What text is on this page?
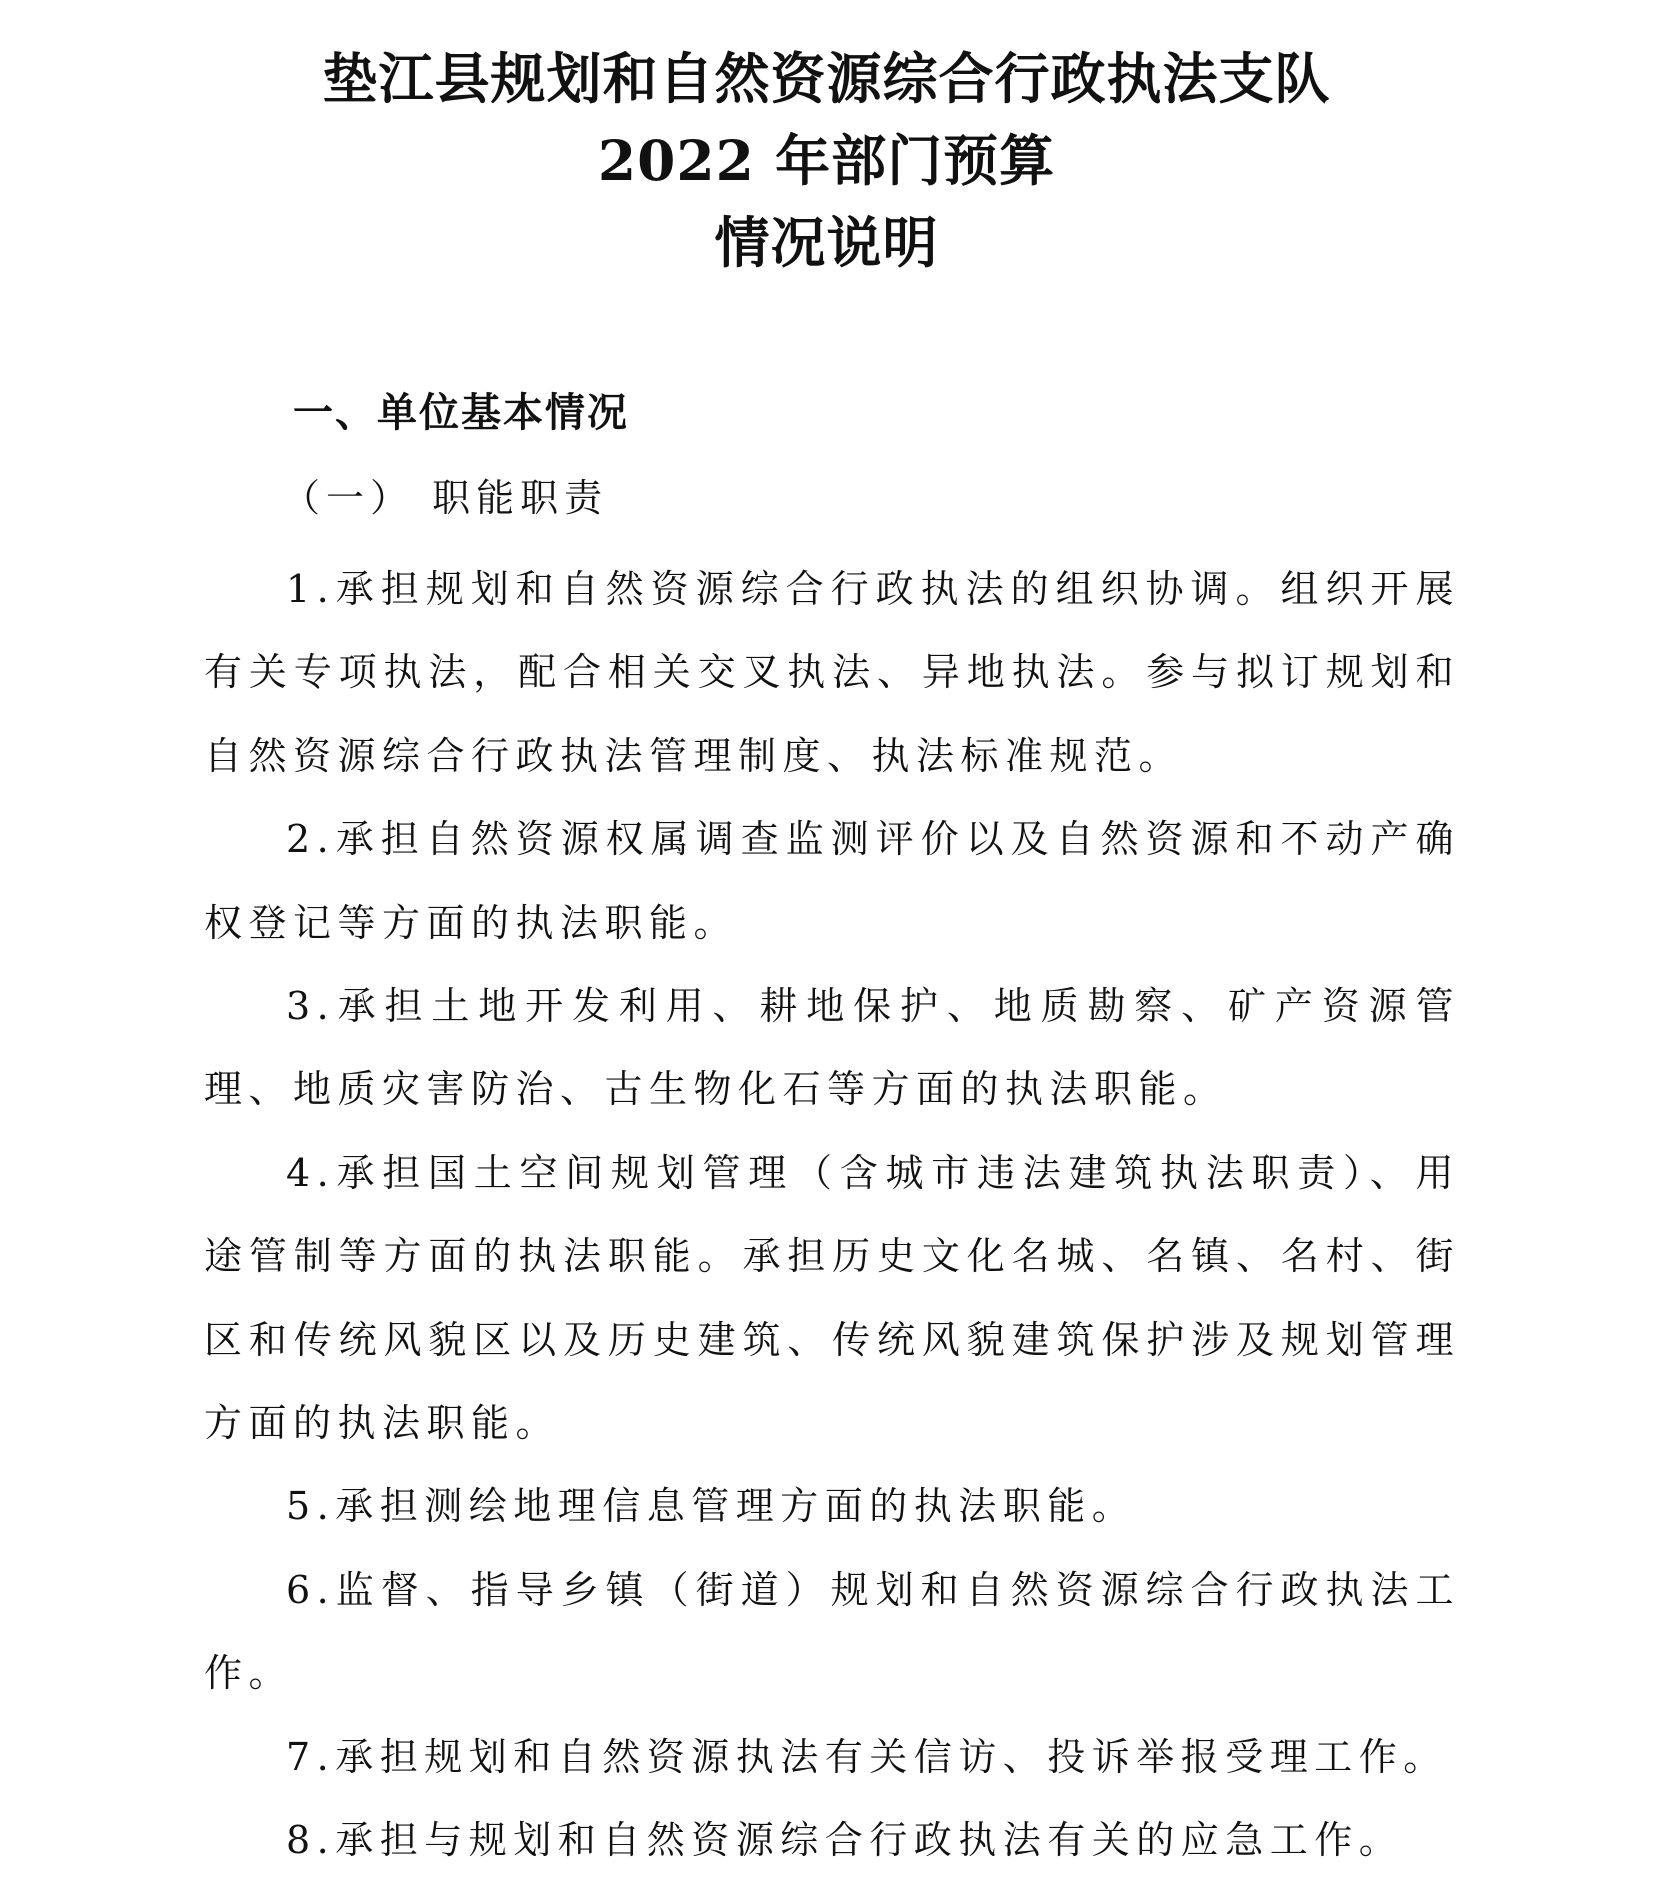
垫江县规划和自然资源综合行政执法支队
2022 年部门预算
情况说明
一、单位基本情况
（一） 职能职责

1.承担规划和自然资源综合行政执法的组织协调。组织开展有关专项执法，配合相关交叉执法、异地执法。参与拟订规划和自然资源综合行政执法管理制度、执法标准规范。

2.承担自然资源权属调查监测评价以及自然资源和不动产确权登记等方面的执法职能。

3.承担土地开发利用、耕地保护、地质勘察、矿产资源管理、地质灾害防治、古生物化石等方面的执法职能。

4.承担国土空间规划管理（含城市违法建筑执法职责）、用途管制等方面的执法职能。承担历史文化名城、名镇、名村、街区和传统风貌区以及历史建筑、传统风貌建筑保护涉及规划管理方面的执法职能。

5.承担测绘地理信息管理方面的执法职能。

6.监督、指导乡镇（街道）规划和自然资源综合行政执法工作。

7.承担规划和自然资源执法有关信访、投诉举报受理工作。

8.承担与规划和自然资源综合行政执法有关的应急工作。
